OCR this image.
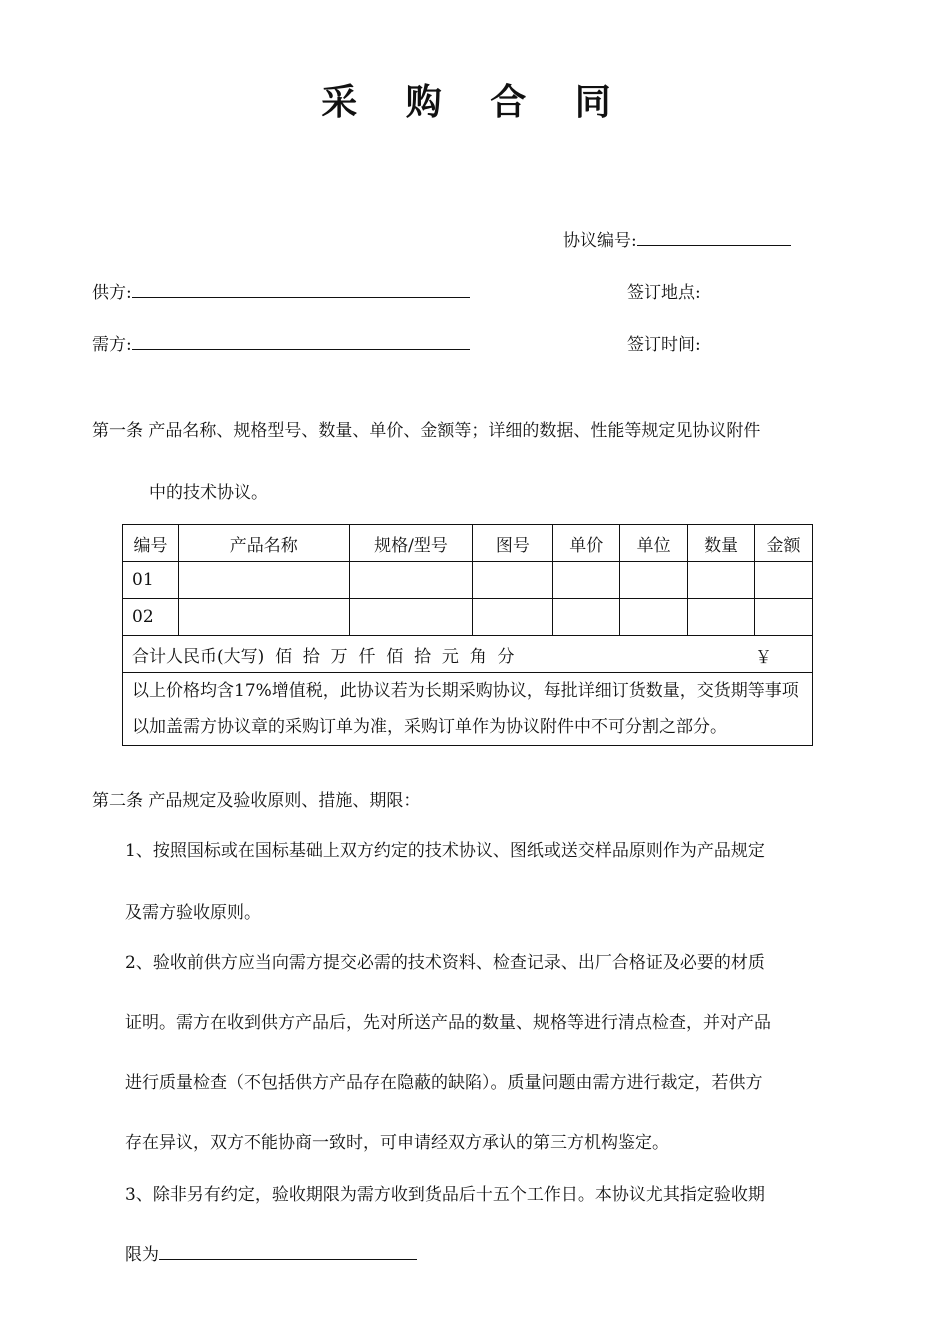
采 购 合 同
协议编号:
供方:	签订地点:
需方:	签订时间:
第一条 产品名称、规格型号、数量、单价、金额等；详细的数据、性能等规定见协议附件
中的技术协议。
编号	产品名称	规格/型号	图号	单价	单位	数量	金额
01							
02							
合计人民币(大写)  佰  拾  万  仟  佰  拾  元  角  分 ￥							

以上价格均含17%增值税，此协议若为长期采购协议，每批详细订货数量，交货期等事项以加盖需方协议章的采购订单为准，采购订单作为协议附件中不可分割之部分。							
第二条 产品规定及验收原则、措施、期限：
1、按照国标或在国标基础上双方约定的技术协议、图纸或送交样品原则作为产品规定
及需方验收原则。
2、验收前供方应当向需方提交必需的技术资料、检查记录、出厂合格证及必要的材质
证明。需方在收到供方产品后，先对所送产品的数量、规格等进行清点检查，并对产品
进行质量检查（不包括供方产品存在隐蔽的缺陷）。质量问题由需方进行裁定，若供方
存在异议，双方不能协商一致时，可申请经双方承认的第三方机构鉴定。
3、除非另有约定，验收期限为需方收到货品后十五个工作日。本协议尤其指定验收期
限为
